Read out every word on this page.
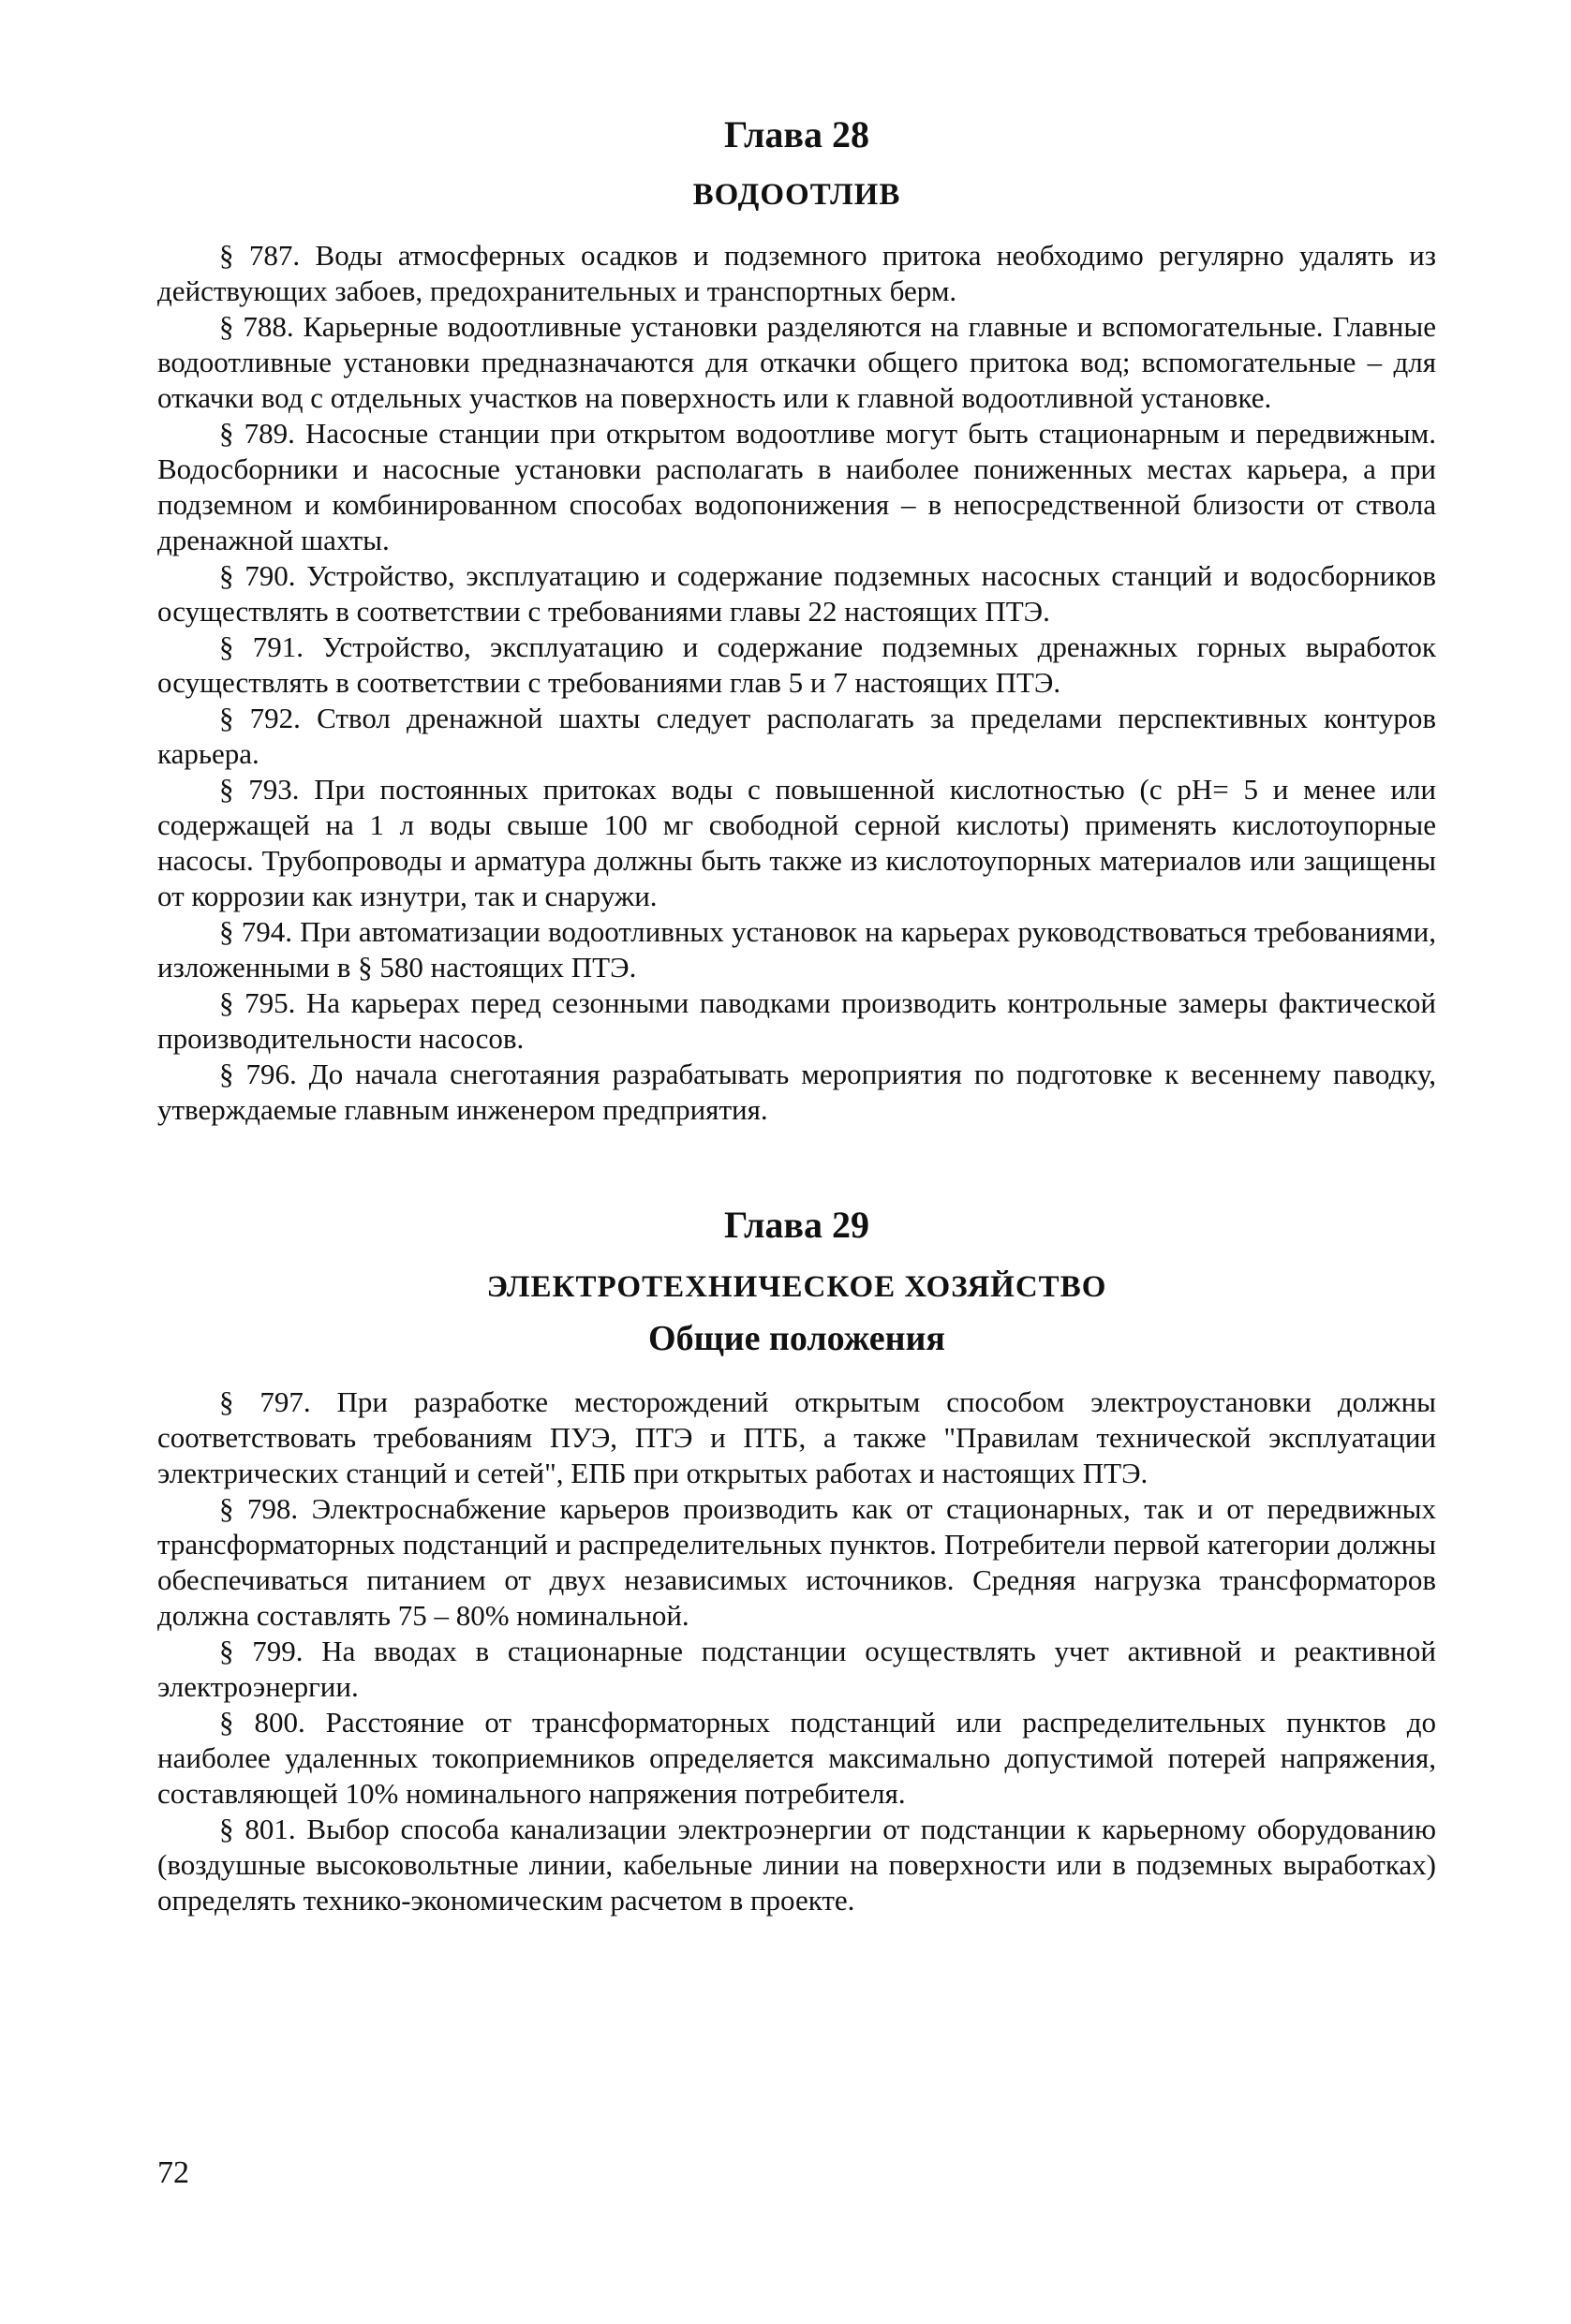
Глава 28
ВОДООТЛИВ

§ 787. Воды атмосферных осадков и подземного притока необходимо регулярно удалять из действующих забоев, предохранительных и транспортных берм.

§ 788. Карьерные водоотливные установки разделяются на главные и вспомогательные. Главные водоотливные установки предназначаются для откачки общего притока вод; вспомогательные – для откачки вод с отдельных участков на поверхность или к главной водоотливной установке.

§ 789. Насосные станции при открытом водоотливе могут быть стационарным и передвижным. Водосборники и насосные установки располагать в наиболее пониженных местах карьера, а при подземном и комбинированном способах водопонижения – в непосредственной близости от ствола дренажной шахты.

§ 790. Устройство, эксплуатацию и содержание подземных насосных станций и водосборников осуществлять в соответствии с требованиями главы 22 настоящих ПТЭ.

§ 791. Устройство, эксплуатацию и содержание подземных дренажных горных выработок осуществлять в соответствии с требованиями глав 5 и 7 настоящих ПТЭ.

§ 792. Ствол дренажной шахты следует располагать за пределами перспективных контуров карьера.

§ 793. При постоянных притоках воды с повышенной кислотностью (с pH= 5 и менее или содержащей на 1 л воды свыше 100 мг свободной серной кислоты) применять кислотоупорные насосы. Трубопроводы и арматура должны быть также из кислотоупорных материалов или защищены от коррозии как изнутри, так и снаружи.

§ 794. При автоматизации водоотливных установок на карьерах руководствоваться требованиями, изложенными в § 580 настоящих ПТЭ.

§ 795. На карьерах перед сезонными паводками производить контрольные замеры фактической производительности насосов.

§ 796. До начала снеготаяния разрабатывать мероприятия по подготовке к весеннему паводку, утверждаемые главным инженером предприятия.

Глава 29
ЭЛЕКТРОТЕХНИЧЕСКОЕ ХОЗЯЙСТВО
Общие положения

§ 797. При разработке месторождений открытым способом электроустановки должны соответствовать требованиям ПУЭ, ПТЭ и ПТБ, а также "Правилам технической эксплуатации электрических станций и сетей", ЕПБ при открытых работах и настоящих ПТЭ.

§ 798. Электроснабжение карьеров производить как от стационарных, так и от передвижных трансформаторных подстанций и распределительных пунктов. Потребители первой категории должны обеспечиваться питанием от двух независимых источников. Средняя нагрузка трансформаторов должна составлять 75 – 80% номинальной.

§ 799. На вводах в стационарные подстанции осуществлять учет активной и реактивной электроэнергии.

§ 800. Расстояние от трансформаторных подстанций или распределительных пунктов до наиболее удаленных токоприемников определяется максимально допустимой потерей напряжения, составляющей 10% номинального напряжения потребителя.

§ 801. Выбор способа канализации электроэнергии от подстанции к карьерному оборудованию (воздушные высоковольтные линии, кабельные линии на поверхности или в подземных выработках) определять технико-экономическим расчетом в проекте.

72
